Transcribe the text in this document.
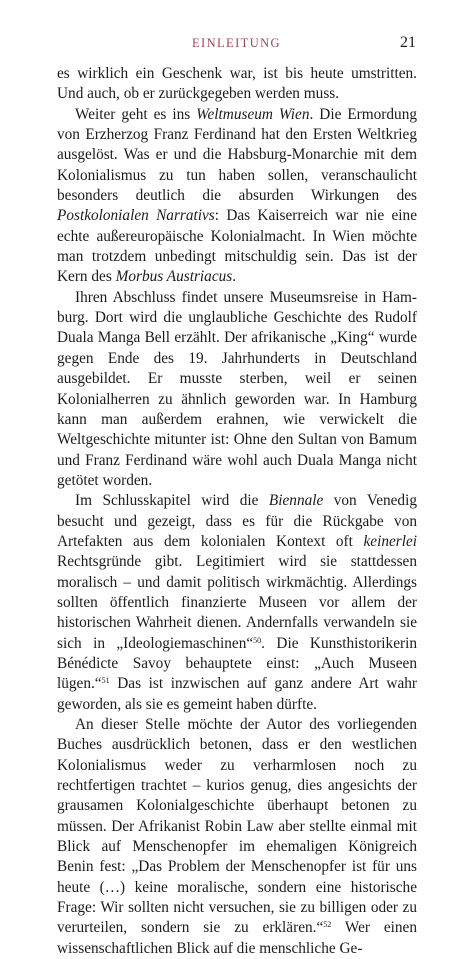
EINLEITUNG	21

es wirklich ein Geschenk war, ist bis heute umstritten. Und auch, ob er zurückgegeben werden muss.

Weiter geht es ins Weltmuseum Wien. Die Ermordung von Erzherzog Franz Ferdinand hat den Ersten Weltkrieg ausgelöst. Was er und die Habsburg-Monarchie mit dem Kolonialismus zu tun haben sollen, veranschaulicht besonders deutlich die absurden Wirkungen des Postkolonialen Narrativs: Das Kaiserreich war nie eine echte außereuropäische Kolonialmacht. In Wien möchte man trotzdem unbedingt mitschuldig sein. Das ist der Kern des Morbus Austriacus.

Ihren Abschluss findet unsere Museumsreise in Hamburg. Dort wird die unglaubliche Geschichte des Rudolf Duala Manga Bell erzählt. Der afrikanische „King“ wurde gegen Ende des 19. Jahrhunderts in Deutschland ausgebildet. Er musste sterben, weil er seinen Kolonialherren zu ähnlich geworden war. In Hamburg kann man außerdem erahnen, wie verwickelt die Weltgeschichte mitunter ist: Ohne den Sultan von Bamum und Franz Ferdinand wäre wohl auch Duala Manga nicht getötet worden.

Im Schlusskapitel wird die Biennale von Venedig besucht und gezeigt, dass es für die Rückgabe von Artefakten aus dem kolonialen Kontext oft keinerlei Rechtsgründe gibt. Legitimiert wird sie stattdessen moralisch – und damit politisch wirkmächtig. Allerdings sollten öffentlich finanzierte Museen vor allem der historischen Wahrheit dienen. Andernfalls verwandeln sie sich in „Ideologiemaschinen“$^{50}$. Die Kunsthistorikerin Bénédicte Savoy behauptete einst: „Auch Museen lügen.“$^{51}$ Das ist inzwischen auf ganz andere Art wahr geworden, als sie es gemeint haben dürfte.

An dieser Stelle möchte der Autor des vorliegenden Buches ausdrücklich betonen, dass er den westlichen Kolonialismus weder zu verharmlosen noch zu rechtfertigen trachtet – kurios genug, dies angesichts der grausamen Kolonialgeschichte überhaupt betonen zu müssen. Der Afrikanist Robin Law aber stellte einmal mit Blick auf Menschenopfer im ehemaligen Königreich Benin fest: „Das Problem der Menschenopfer ist für uns heute (…) keine moralische, sondern eine historische Frage: Wir sollten nicht versuchen, sie zu billigen oder zu verurteilen, sondern sie zu erklären.“$^{52}$ Wer einen wissenschaftlichen Blick auf die menschliche Ge-
